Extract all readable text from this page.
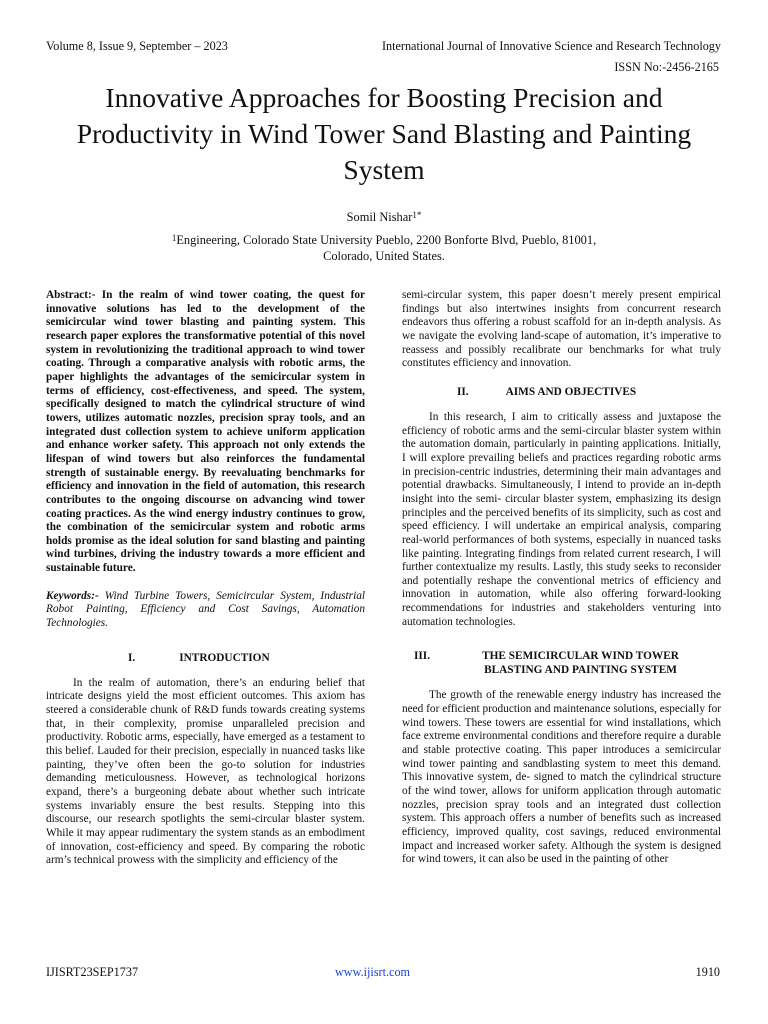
Volume 8, Issue 9, September – 2023	International Journal of Innovative Science and Research Technology
ISSN No:-2456-2165
Innovative Approaches for Boosting Precision and Productivity in Wind Tower Sand Blasting and Painting System
Somil Nishar$^{1*}$
$^1$Engineering, Colorado State University Pueblo, 2200 Bonforte Blvd, Pueblo, 81001,
Colorado, United States.

Abstract:- In the realm of wind tower coating, the quest for innovative solutions has led to the development of the semicircular wind tower blasting and painting system. This research paper explores the transformative potential of this novel system in revolutionizing the traditional approach to wind tower coating. Through a comparative analysis with robotic arms, the paper highlights the advantages of the semicircular system in terms of efficiency, cost-effectiveness, and speed. The system, specifically designed to match the cylindrical structure of wind towers, utilizes automatic nozzles, precision spray tools, and an integrated dust collection system to achieve uniform application and enhance worker safety. This approach not only extends the lifespan of wind towers but also reinforces the fundamental strength of sustainable energy. By reevaluating benchmarks for efficiency and innovation in the field of automation, this research contributes to the ongoing discourse on advancing wind tower coating practices. As the wind energy industry continues to grow, the combination of the semicircular system and robotic arms holds promise as the ideal solution for sand blasting and painting wind turbines, driving the industry towards a more efficient and sustainable future.

Keywords:- Wind Turbine Towers, Semicircular System, Industrial Robot Painting, Efficiency and Cost Savings, Automation Technologies.

I.	INTRODUCTION

In the realm of automation, there’s an enduring belief that intricate designs yield the most efficient outcomes. This axiom has steered a considerable chunk of R&D funds towards creating systems that, in their complexity, promise unparalleled precision and productivity. Robotic arms, especially, have emerged as a testament to this belief. Lauded for their precision, especially in nuanced tasks like painting, they’ve often been the go-to solution for industries demanding meticulousness. However, as technological horizons expand, there’s a burgeoning debate about whether such intricate systems invariably ensure the best results. Stepping into this discourse, our research spotlights the semi-circular blaster system. While it may appear rudimentary the system stands as an embodiment of innovation, cost-efficiency and speed. By comparing the robotic arm’s technical prowess with the simplicity and efficiency of the

semi-circular system, this paper doesn’t merely present empirical findings but also intertwines insights from concurrent research endeavors thus offering a robust scaffold for an in-depth analysis. As we navigate the evolving land-scape of automation, it’s imperative to reassess and possibly recalibrate our benchmarks for what truly constitutes efficiency and innovation.

II.	AIMS AND OBJECTIVES

In this research, I aim to critically assess and juxtapose the efficiency of robotic arms and the semi-circular blaster system within the automation domain, particularly in painting applications. Initially, I will explore prevailing beliefs and practices regarding robotic arms in precision-centric industries, determining their main advantages and potential drawbacks. Simultaneously, I intend to provide an in-depth insight into the semi- circular blaster system, emphasizing its design principles and the perceived benefits of its simplicity, such as cost and speed efficiency. I will undertake an empirical analysis, comparing real-world performances of both systems, especially in nuanced tasks like painting. Integrating findings from related current research, I will further contextualize my results. Lastly, this study seeks to reconsider and potentially reshape the conventional metrics of efficiency and innovation in automation, while also offering forward-looking recommendations for industries and stakeholders venturing into automation technologies.

III.	THE SEMICIRCULAR WIND TOWER
BLASTING AND PAINTING SYSTEM

The growth of the renewable energy industry has increased the need for efficient production and maintenance solutions, especially for wind towers. These towers are essential for wind installations, which face extreme environmental conditions and therefore require a durable and stable protective coating. This paper introduces a semicircular wind tower painting and sandblasting system to meet this demand. This innovative system, de- signed to match the cylindrical structure of the wind tower, allows for uniform application through automatic nozzles, precision spray tools and an integrated dust collection system. This approach offers a number of benefits such as increased efficiency, improved quality, cost savings, reduced environmental impact and increased worker safety. Although the system is designed for wind towers, it can also be used in the painting of other

IJISRT23SEP1737	www.ijisrt.com	1910
